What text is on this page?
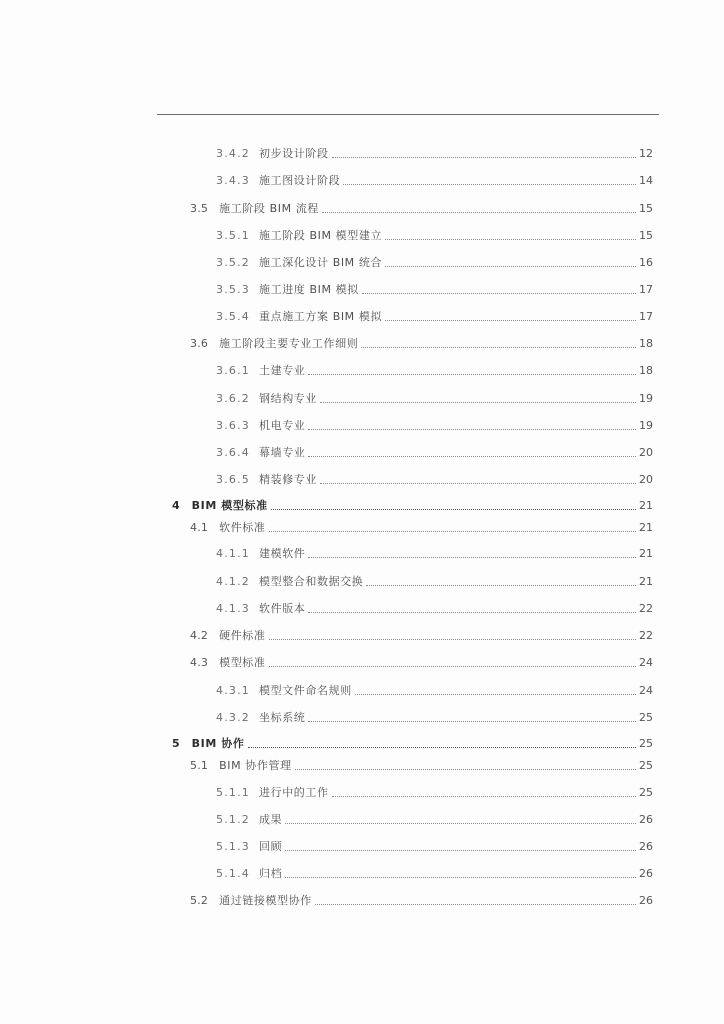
3.4.2 初步设计阶段	12
3.4.3 施工图设计阶段	14
3.5 施工阶段 BIM 流程	15
3.5.1 施工阶段 BIM 模型建立	15
3.5.2 施工深化设计 BIM 统合	16
3.5.3 施工进度 BIM 模拟	17
3.5.4 重点施工方案 BIM 模拟	17
3.6 施工阶段主要专业工作细则	18
3.6.1 土建专业	18
3.6.2 钢结构专业	19
3.6.3 机电专业	19
3.6.4 幕墙专业	20
3.6.5 精装修专业	20
4 BIM 模型标准	21
4.1 软件标准	21
4.1.1 建模软件	21
4.1.2 模型整合和数据交换	21
4.1.3 软件版本	22
4.2 硬件标准	22
4.3 模型标准	24
4.3.1 模型文件命名规则	24
4.3.2 坐标系统	25
5 BIM 协作	25
5.1 BIM 协作管理	25
5.1.1 进行中的工作	25
5.1.2 成果	26
5.1.3 回顾	26
5.1.4 归档	26
5.2 通过链接模型协作	26
